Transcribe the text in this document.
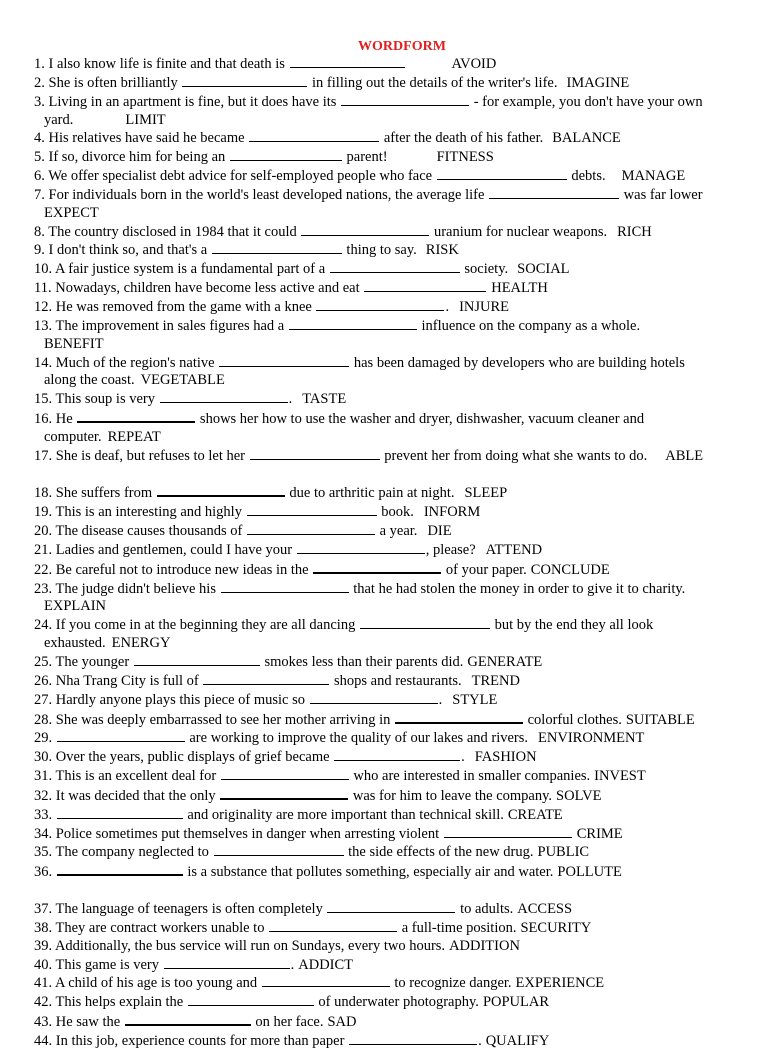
WORDFORM
1. I also know life is finite and that death is	AVOID
2. She is often brilliantly	in filling out the details of the writer's life. IMAGINE
3. Living in an apartment is fine, but it does have its	- for example, you don't have your own
yard.	LIMIT
4. His relatives have said he became	after the death of his father. BALANCE
5. If so, divorce him for being an	parent!	FITNESS
6. We offer specialist debt advice for self-employed people who face	debts. MANAGE
7. For individuals born in the world's least developed nations, the average life	was far lower
EXPECT
8. The country disclosed in 1984 that it could	uranium for nuclear weapons. RICH
9. I don't think so, and that's a	thing to say. RISK
10. A fair justice system is a fundamental part of a	society. SOCIAL
11. Nowadays, children have become less active and eat	HEALTH
12. He was removed from the game with a knee	. INJURE
13. The improvement in sales figures had a	influence on the company as a whole.
BENEFIT
14. Much of the region's native	has been damaged by developers who are building hotels
along the coast. VEGETABLE
15. This soup is very	. TASTE
16. He	shows her how to use the washer and dryer, dishwasher, vacuum cleaner and
computer. REPEAT
17. She is deaf, but refuses to let her	prevent her from doing what she wants to do. ABLE
18. She suffers from	due to arthritic pain at night. SLEEP
19. This is an interesting and highly	book. INFORM
20. The disease causes thousands of	a year. DIE
21. Ladies and gentlemen, could I have your	, please? ATTEND
22. Be careful not to introduce new ideas in the	of your paper. CONCLUDE
23. The judge didn't believe his	that he had stolen the money in order to give it to charity.
EXPLAIN
24. If you come in at the beginning they are all dancing	but by the end they all look
exhausted. ENERGY
25. The younger	smokes less than their parents did. GENERATE
26. Nha Trang City is full of	shops and restaurants. TREND
27. Hardly anyone plays this piece of music so	. STYLE
28. She was deeply embarrassed to see her mother arriving in	colorful clothes. SUITABLE
29.	are working to improve the quality of our lakes and rivers. ENVIRONMENT
30. Over the years, public displays of grief became	. FASHION
31. This is an excellent deal for	who are interested in smaller companies. INVEST
32. It was decided that the only	was for him to leave the company. SOLVE
33.	and originality are more important than technical skill. CREATE
34. Police sometimes put themselves in danger when arresting violent	CRIME
35. The company neglected to	the side effects of the new drug. PUBLIC
36.	is a substance that pollutes something, especially air and water. POLLUTE
37. The language of teenagers is often completely	to adults. ACCESS
38. They are contract workers unable to	a full-time position. SECURITY
39. Additionally, the bus service will run on Sundays, every two hours. ADDITION
40. This game is very	. ADDICT
41. A child of his age is too young and	to recognize danger. EXPERIENCE
42. This helps explain the	of underwater photography. POPULAR
43. He saw the	on her face. SAD
44. In this job, experience counts for more than paper	. QUALIFY
